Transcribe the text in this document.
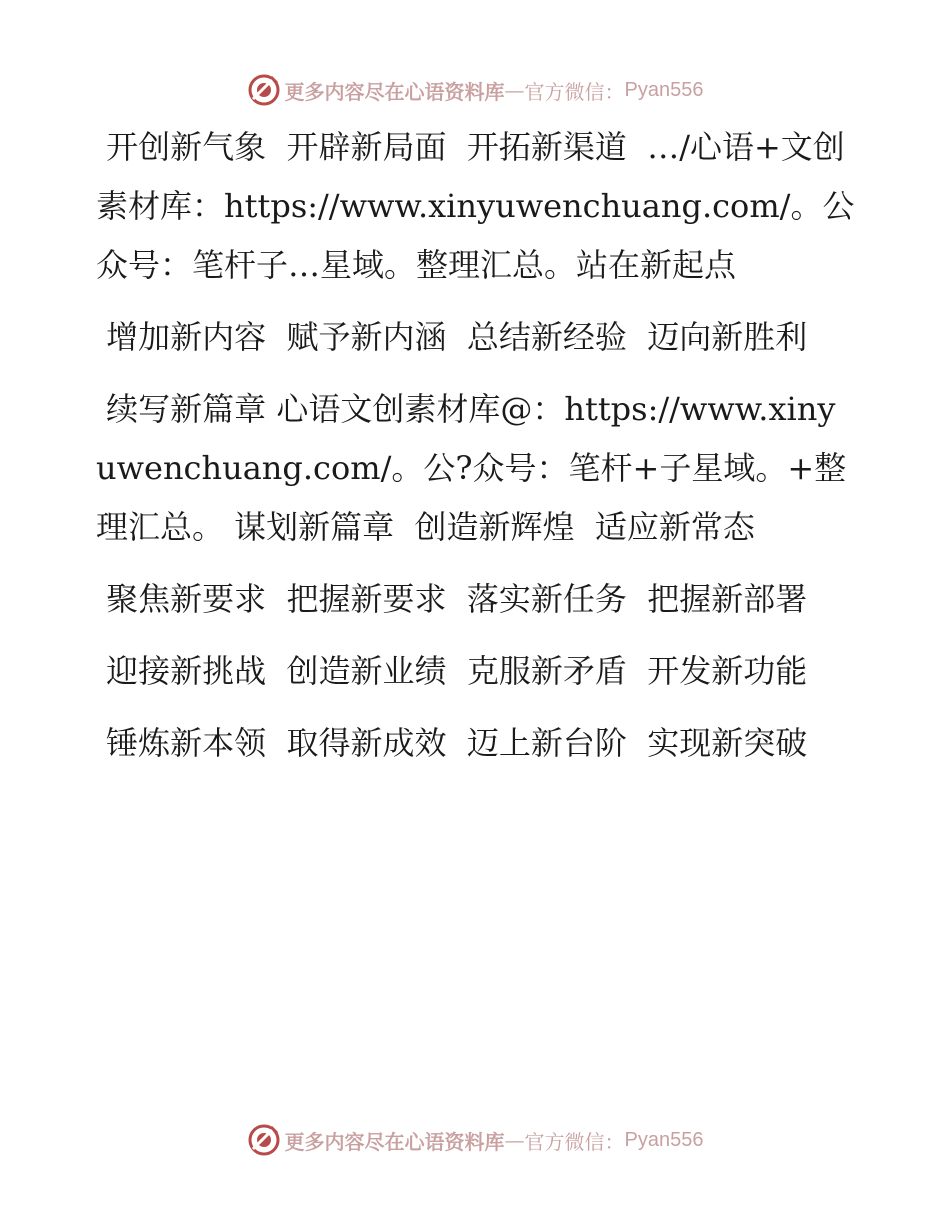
更多内容尽在心语资料库 — 官方微信： Pyan556

开创新气象  开辟新局面  开拓新渠道  …/心语+文创素材库：https://www.xinyuwenchuang.com/。公众号：笔杆子…星域。整理汇总。站在新起点

增加新内容  赋予新内涵  总结新经验  迈向新胜利

续写新篇章 心语文创素材库@：https://www.xinyuwenchuang.com/。公?众号：笔杆+子星域。+整理汇总。 谋划新篇章  创造新辉煌  适应新常态

聚焦新要求  把握新要求  落实新任务  把握新部署

迎接新挑战  创造新业绩  克服新矛盾  开发新功能

锤炼新本领  取得新成效  迈上新台阶  实现新突破

更多内容尽在心语资料库 — 官方微信： Pyan556
